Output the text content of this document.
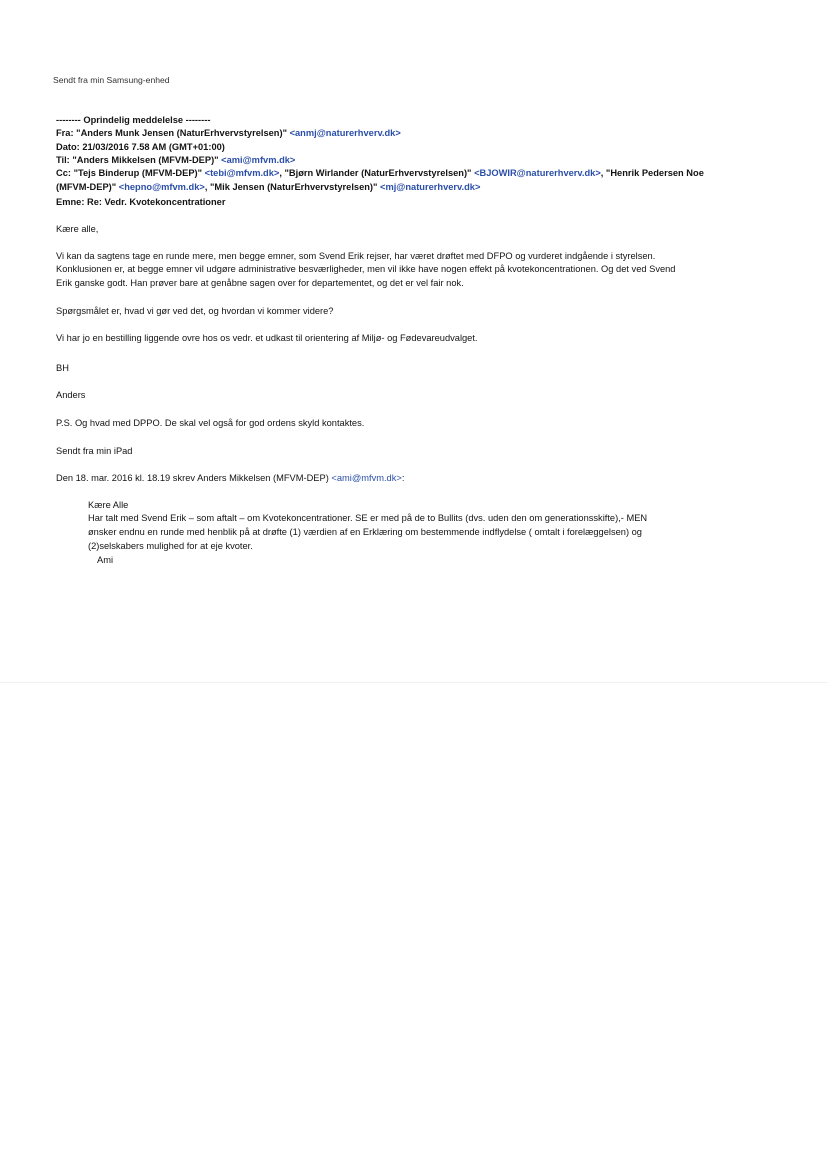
Sendt fra min Samsung-enhed
-------- Oprindelig meddelelse --------
Fra: "Anders Munk Jensen (NaturErhvervstyrelsen)" <anmj@naturerhverv.dk>
Dato: 21/03/2016 7.58 AM (GMT+01:00)
Til: "Anders Mikkelsen (MFVM-DEP)" <ami@mfvm.dk>
Cc: "Tejs Binderup (MFVM-DEP)" <tebi@mfvm.dk>, "Bjørn Wirlander (NaturErhvervstyrelsen)" <BJOWIR@naturerhverv.dk>, "Henrik Pedersen Noe
(MFVM-DEP)" <hepno@mfvm.dk>, "Mik Jensen (NaturErhvervstyrelsen)" <mj@naturerhverv.dk>
Emne: Re: Vedr. Kvotekoncentrationer
Kære alle,
Vi kan da sagtens tage en runde mere, men begge emner, som Svend Erik rejser, har været drøftet med DFPO og vurderet indgående i styrelsen.
Konklusionen er, at begge emner vil udgøre administrative besværligheder, men vil ikke have nogen effekt på kvotekoncentrationen. Og det ved Svend
Erik ganske godt. Han prøver bare at genåbne sagen over for departementet, og det er vel fair nok.
Spørgsmålet er, hvad vi gør ved det, og hvordan vi kommer videre?
Vi har jo en bestilling liggende ovre hos os vedr. et udkast til orientering af Miljø- og Fødevareudvalget.
BH
Anders
P.S. Og hvad med DPPO. De skal vel også for god ordens skyld kontaktes.
Sendt fra min iPad
Den 18. mar. 2016 kl. 18.19 skrev Anders Mikkelsen (MFVM-DEP) <ami@mfvm.dk>:
Kære Alle
Har talt med Svend Erik – som aftalt – om Kvotekoncentrationer. SE er med på de to Bullits (dvs. uden den om generationsskifte),- MEN
ønsker endnu en runde med henblik på at drøfte (1) værdien af en Erklæring om bestemmende indflydelse ( omtalt i forelæggelsen) og
(2)selskabers mulighed for at eje kvoter.
Ami
